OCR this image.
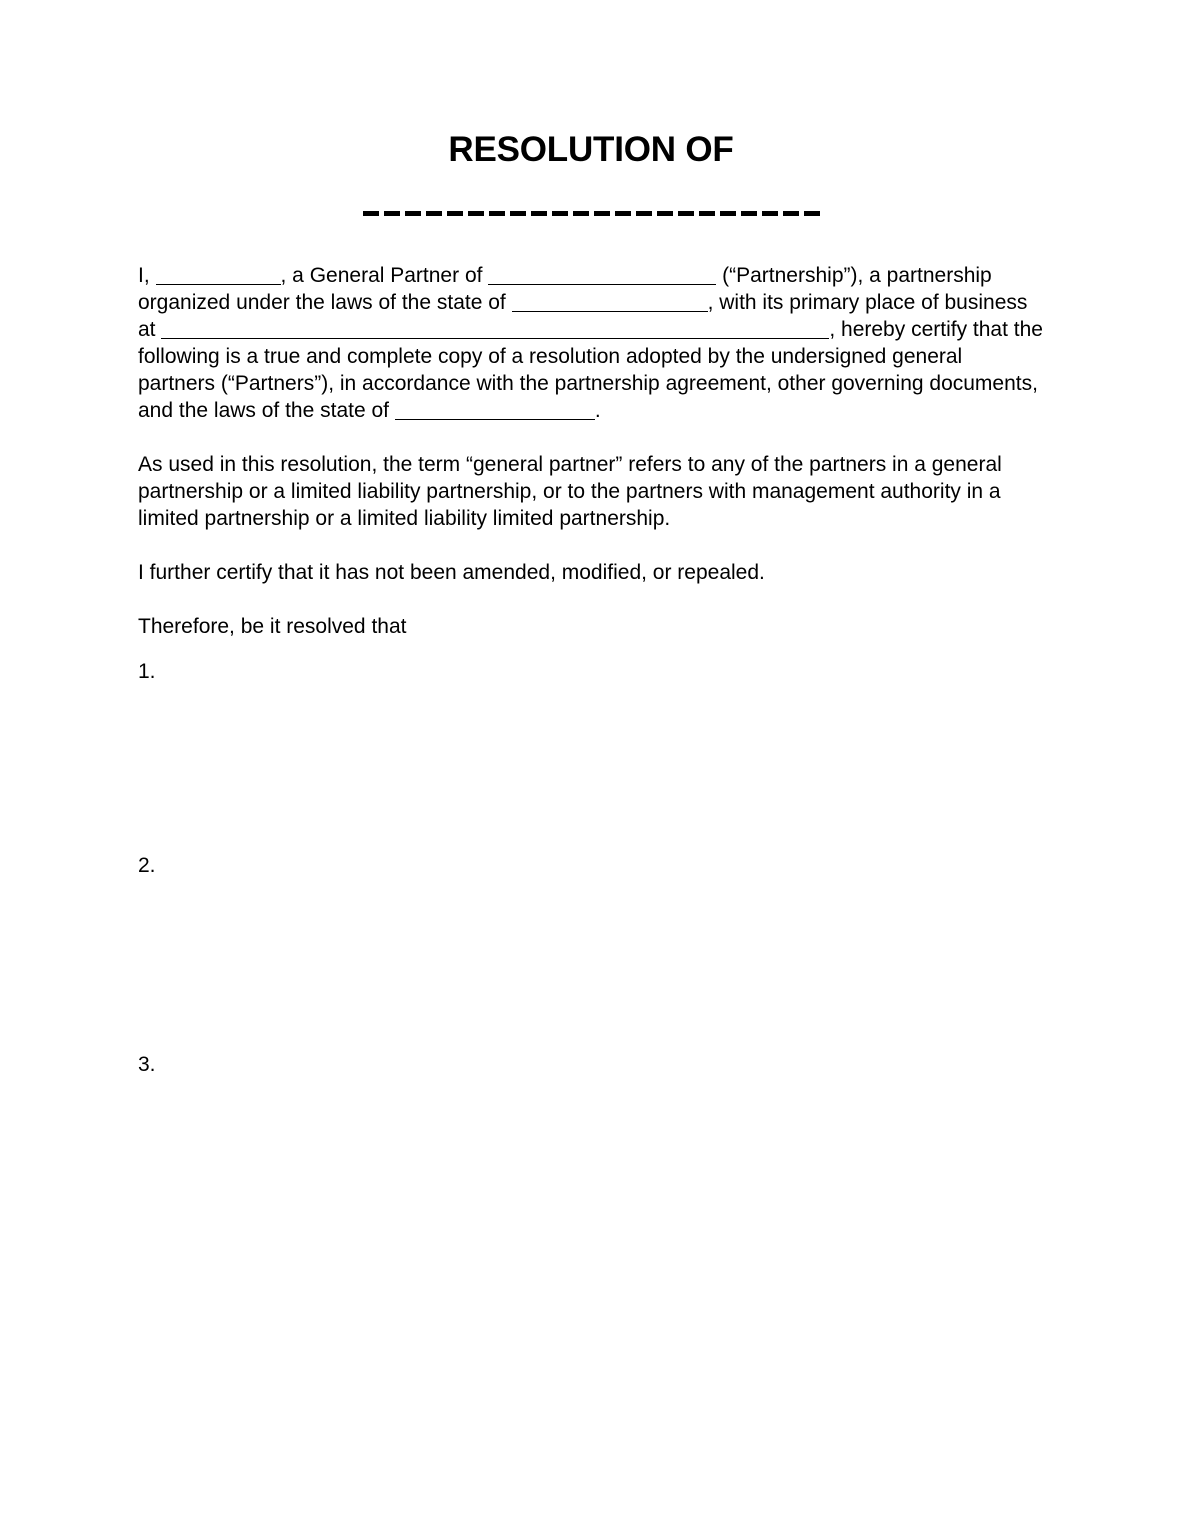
RESOLUTION OF

I,	, a General Partner of	(“Partnership”), a partnership organized under the laws of the state of	, with its primary place of business at	, hereby certify that the following is a true and complete copy of a resolution adopted by the undersigned general partners (“Partners”), in accordance with the partnership agreement, other governing documents, and the laws of the state of	.

As used in this resolution, the term “general partner” refers to any of the partners in a general partnership or a limited liability partnership, or to the partners with management authority in a limited partnership or a limited liability limited partnership.

I further certify that it has not been amended, modified, or repealed.

Therefore, be it resolved that

1.
2.
3.
